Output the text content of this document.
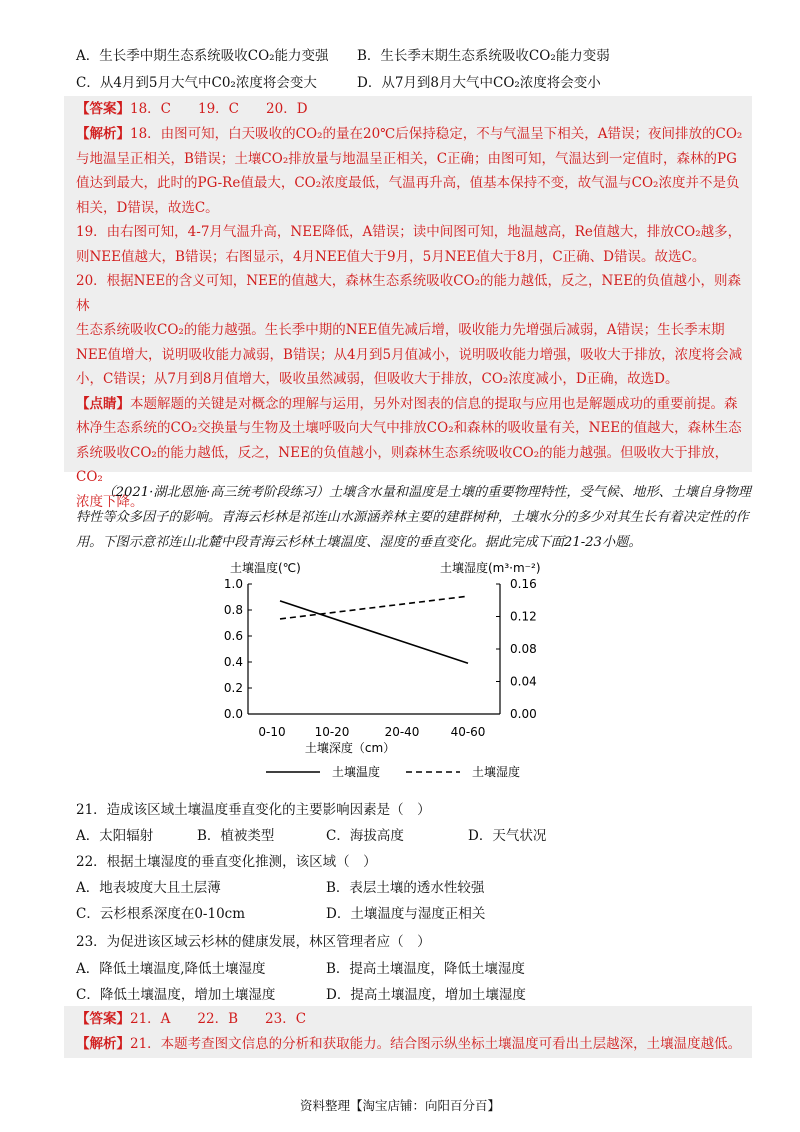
A．生长季中期生态系统吸收CO₂能力变强 B．生长季末期生态系统吸收CO₂能力变弱
C．从4月到5月大气中C0₂浓度将会变大	D．从7月到8月大气中CO₂浓度将会变小
【答案】18．C　　19．C　　20．D
【解析】18．由图可知，白天吸收的CO₂的量在20℃后保持稳定，不与气温呈下相关，A错误；夜间排放的CO₂
与地温呈正相关，B错误；土壤CO₂排放量与地温呈正相关，C正确；由图可知，气温达到一定值时，森林的PG
值达到最大，此时的PG-Re值最大，CO₂浓度最低，气温再升高，值基本保持不变，故气温与CO₂浓度并不是负
相关，D错误，故选C。
19．由右图可知，4-7月气温升高，NEE降低，A错误；读中间图可知，地温越高，Re值越大，排放CO₂越多，
则NEE值越大，B错误；右图显示，4月NEE值大于9月，5月NEE值大于8月，C正确、D错误。故选C。
20．根据NEE的含义可知，NEE的值越大，森林生态系统吸收CO₂的能力越低，反之，NEE的负值越小，则森林
生态系统吸收CO₂的能力越强。生长季中期的NEE值先减后增，吸收能力先增强后减弱，A错误；生长季末期
NEE值增大，说明吸收能力减弱，B错误；从4月到5月值减小，说明吸收能力增强，吸收大于排放，浓度将会减
小，C错误；从7月到8月值增大，吸收虽然减弱，但吸收大于排放，CO₂浓度减小，D正确，故选D。
【点睛】本题解题的关键是对概念的理解与运用，另外对图表的信息的提取与应用也是解题成功的重要前提。森
林净生态系统的CO₂交换量与生物及土壤呼吸向大气中排放CO₂和森林的吸收量有关，NEE的值越大，森林生态
系统吸收CO₂的能力越低，反之，NEE的负值越小，则森林生态系统吸收CO₂的能力越强。但吸收大于排放，CO₂
浓度下降。
（2021·湖北恩施·高三统考阶段练习）土壤含水量和温度是土壤的重要物理特性，受气候、地形、土壤自身物理特性等众多因子的影响。青海云杉林是祁连山水源涵养林主要的建群树种，土壤水分的多少对其生长有着决定性的作用。下图示意祁连山北麓中段青海云杉林土壤温度、湿度的垂直变化。据此完成下面21-23小题。
土壤温度(℃)	土壤湿度(m³·m⁻²)
1.0
0.8
0.6
0.4
0.2
0.0
0.16
0.12
0.08
0.04
0.00
0-10 10-20	20-40	40-60
土壤深度（cm）
土壤温度	土壤湿度
21．造成该区域土壤温度垂直变化的主要影响因素是（　）
A．太阳辐射	B．植被类型	C．海拔高度	D．天气状况
22．根据土壤湿度的垂直变化推测，该区域（　）
A．地表坡度大且土层薄	B．表层土壤的透水性较强
C．云杉根系深度在0-10cm	D．土壤温度与湿度正相关
23．为促进该区域云杉林的健康发展，林区管理者应（　）
A．降低土壤温度,降低土壤湿度	B．提高土壤温度，降低土壤湿度
C．降低土壤温度，增加土壤湿度	D．提高土壤温度，增加土壤湿度
【答案】21．A　　22．B　　23．C
【解析】21．本题考查图文信息的分析和获取能力。结合图示纵坐标土壤温度可看出土层越深，土壤温度越低。
资料整理【淘宝店铺：向阳百分百】
